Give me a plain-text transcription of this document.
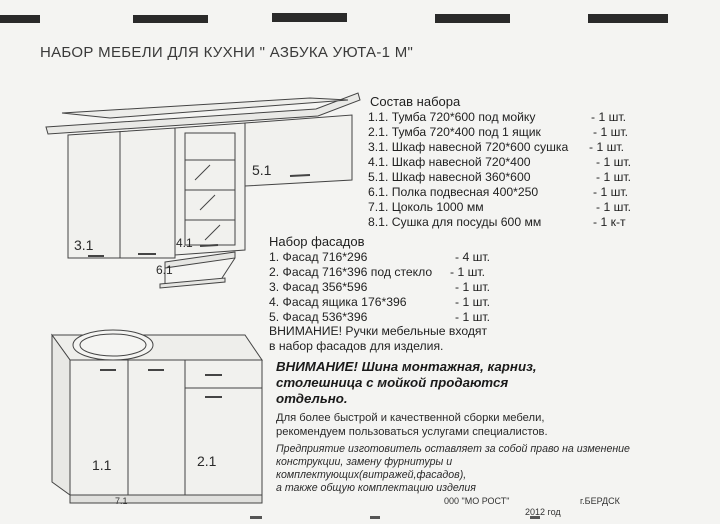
НАБОР МЕБЕЛИ ДЛЯ КУХНИ " АЗБУКА УЮТА-1 М"
3.1	4.1
5.1
6.1
1.1	2.1
7.1
Состав набора
1.1. Тумба 720*600 под мойку	- 1 шт.
2.1. Тумба 720*400 под 1 ящик	- 1 шт.
3.1. Шкаф навесной 720*600 сушка - 1 шт.
4.1. Шкаф навесной 720*400	- 1 шт.
5.1. Шкаф навесной 360*600	- 1 шт.
6.1. Полка подвесная 400*250	- 1 шт.
7.1. Цоколь 1000 мм	- 1 шт.
8.1. Сушка для посуды 600 мм	- 1 к-т
Набор фасадов
1. Фасад 716*296	- 4 шт.
2. Фасад 716*396 под стекло - 1 шт.
3. Фасад 356*596	- 1 шт.
4. Фасад ящика 176*396	- 1 шт.
5. Фасад 536*396	- 1 шт.
ВНИМАНИЕ! Ручки мебельные входят
в набор фасадов для изделия.
ВНИМАНИЕ! Шина монтажная, карниз,
столешница с мойкой продаются
отдельно.
Для более быстрой и качественной сборки мебели,
рекомендуем пользоваться услугами специалистов.
Предприятие изготовитель оставляет за собой право на изменение
конструкции, замену фурнитуры и
комплектующих(витражей,фасадов),
а также общую комплектацию изделия
000 "МО РОСТ"	г.БЕРДСК
2012 год
